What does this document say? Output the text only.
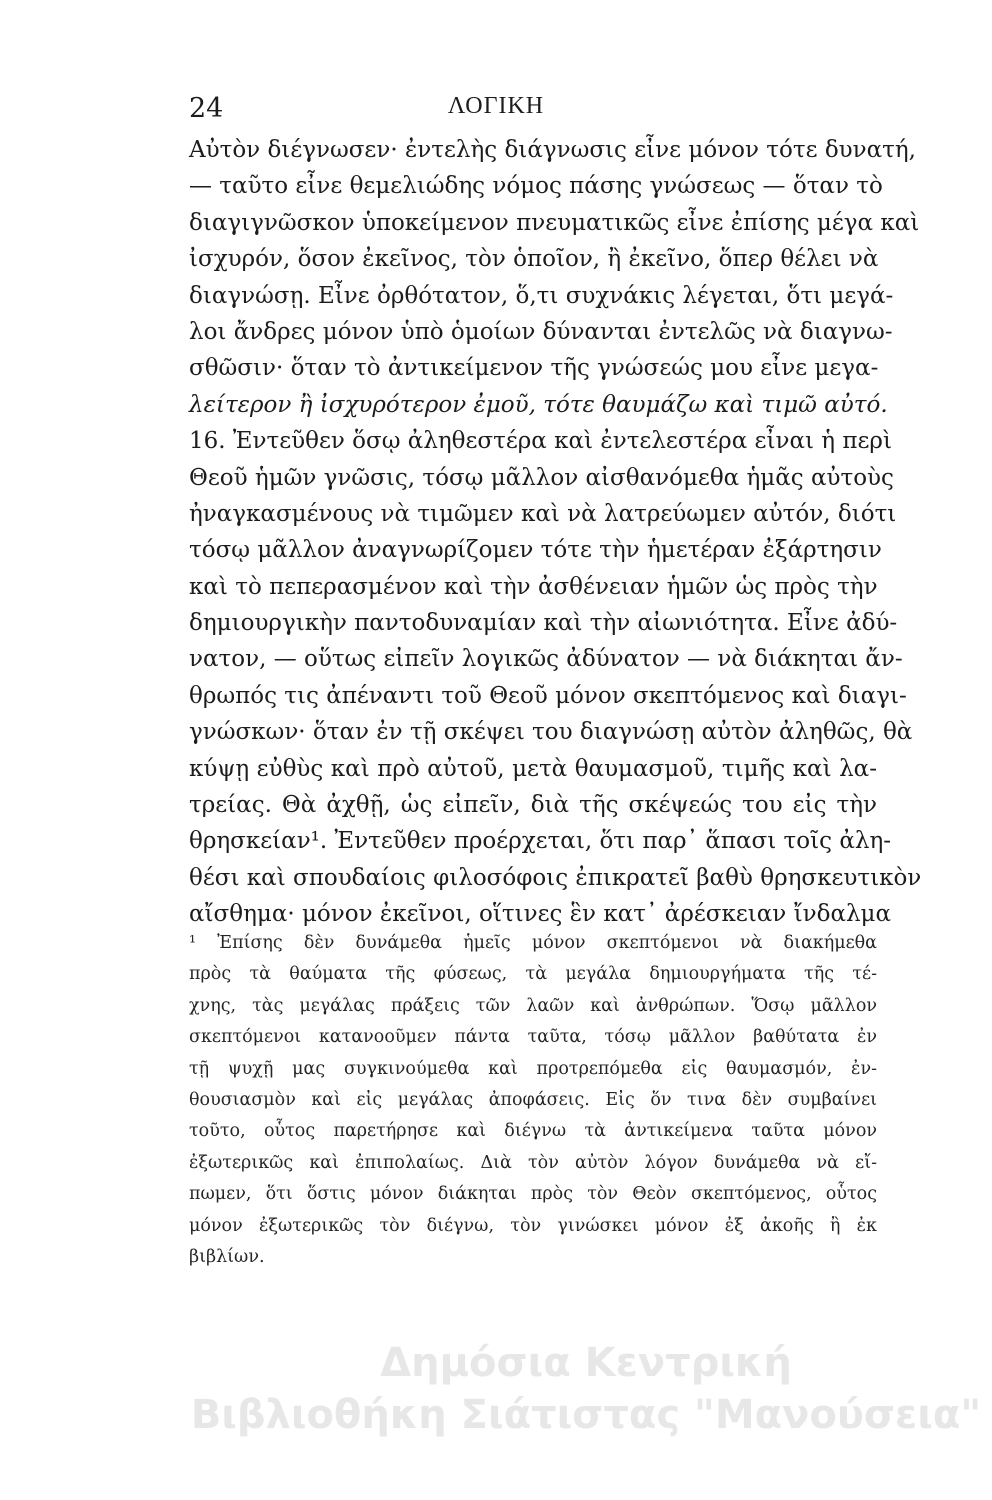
24	ΛΟΓΙΚΗ
Αὐτὸν διέγνωσεν· ἐντελὴς διάγνωσις εἶνε μόνον τότε δυνατή,
— ταῦτο εἶνε θεμελιώδης νόμος πάσης γνώσεως — ὅταν τὸ
διαγιγνῶσκον ὑποκείμενον πνευματικῶς εἶνε ἐπίσης μέγα καὶ
ἰσχυρόν, ὅσον ἐκεῖνος, τὸν ὁποῖον, ἢ ἐκεῖνο, ὅπερ θέλει νὰ
διαγνώσῃ. Εἶνε ὀρθότατον, ὅ,τι συχνάκις λέγεται, ὅτι μεγά-
λοι ἄνδρες μόνον ὑπὸ ὁμοίων δύνανται ἐντελῶς νὰ διαγνω-
σθῶσιν· ὅταν τὸ ἀντικείμενον τῆς γνώσεώς μου εἶνε μεγα-
λείτερον ἢ ἰσχυρότερον ἐμοῦ, τότε θαυμάζω καὶ τιμῶ αὐτό.
16. Ἐντεῦθεν ὅσῳ ἀληθεστέρα καὶ ἐντελεστέρα εἶναι ἡ περὶ
Θεοῦ ἡμῶν γνῶσις, τόσῳ μᾶλλον αἰσθανόμεθα ἡμᾶς αὐτοὺς
ἠναγκασμένους νὰ τιμῶμεν καὶ νὰ λατρεύωμεν αὐτόν, διότι
τόσῳ μᾶλλον ἀναγνωρίζομεν τότε τὴν ἡμετέραν ἐξάρτησιν
καὶ τὸ πεπερασμένον καὶ τὴν ἀσθένειαν ἡμῶν ὡς πρὸς τὴν
δημιουργικὴν παντοδυναμίαν καὶ τὴν αἰωνιότητα. Εἶνε ἀδύ-
νατον, — οὕτως εἰπεῖν λογικῶς ἀδύνατον — νὰ διάκηται ἄν-
θρωπός τις ἀπέναντι τοῦ Θεοῦ μόνον σκεπτόμενος καὶ διαγι-
γνώσκων· ὅταν ἐν τῇ σκέψει του διαγνώσῃ αὐτὸν ἀληθῶς, θὰ
κύψῃ εὐθὺς καὶ πρὸ αὐτοῦ, μετὰ θαυμασμοῦ, τιμῆς καὶ λα-
τρείας. Θὰ ἀχθῇ, ὡς εἰπεῖν, διὰ τῆς σκέψεώς του εἰς τὴν
θρησκείαν¹. Ἐντεῦθεν προέρχεται, ὅτι παρ᾽ ἅπασι τοῖς ἀλη-
θέσι καὶ σπουδαίοις φιλοσόφοις ἐπικρατεῖ βαθὺ θρησκευτικὸν
αἴσθημα· μόνον ἐκεῖνοι, οἵτινες ἓν κατ᾽ ἀρέσκειαν ἴνδαλμα
¹ Ἐπίσης δὲν δυνάμεθα ἡμεῖς μόνον σκεπτόμενοι νὰ διακήμεθα
πρὸς τὰ θαύματα τῆς φύσεως, τὰ μεγάλα δημιουργήματα τῆς τέ-
χνης, τὰς μεγάλας πράξεις τῶν λαῶν καὶ ἀνθρώπων. Ὅσῳ μᾶλλον
σκεπτόμενοι κατανοοῦμεν πάντα ταῦτα, τόσῳ μᾶλλον βαθύτατα ἐν
τῇ ψυχῇ μας συγκινούμεθα καὶ προτρεπόμεθα εἰς θαυμασμόν, ἐν-
θουσιασμὸν καὶ εἰς μεγάλας ἀποφάσεις. Εἰς ὅν τινα δὲν συμβαίνει
τοῦτο, οὗτος παρετήρησε καὶ διέγνω τὰ ἀντικείμενα ταῦτα μόνον
ἐξωτερικῶς καὶ ἐπιπολαίως. Διὰ τὸν αὐτὸν λόγον δυνάμεθα νὰ εἴ-
πωμεν, ὅτι ὅστις μόνον διάκηται πρὸς τὸν Θεὸν σκεπτόμενος, οὗτος
μόνον ἐξωτερικῶς τὸν διέγνω, τὸν γινώσκει μόνον ἐξ ἀκοῆς ἢ ἐκ
βιβλίων.
Δημόσια Κεντρική
Βιβλιοθήκη Σιάτιστας "Μανούσεια"
